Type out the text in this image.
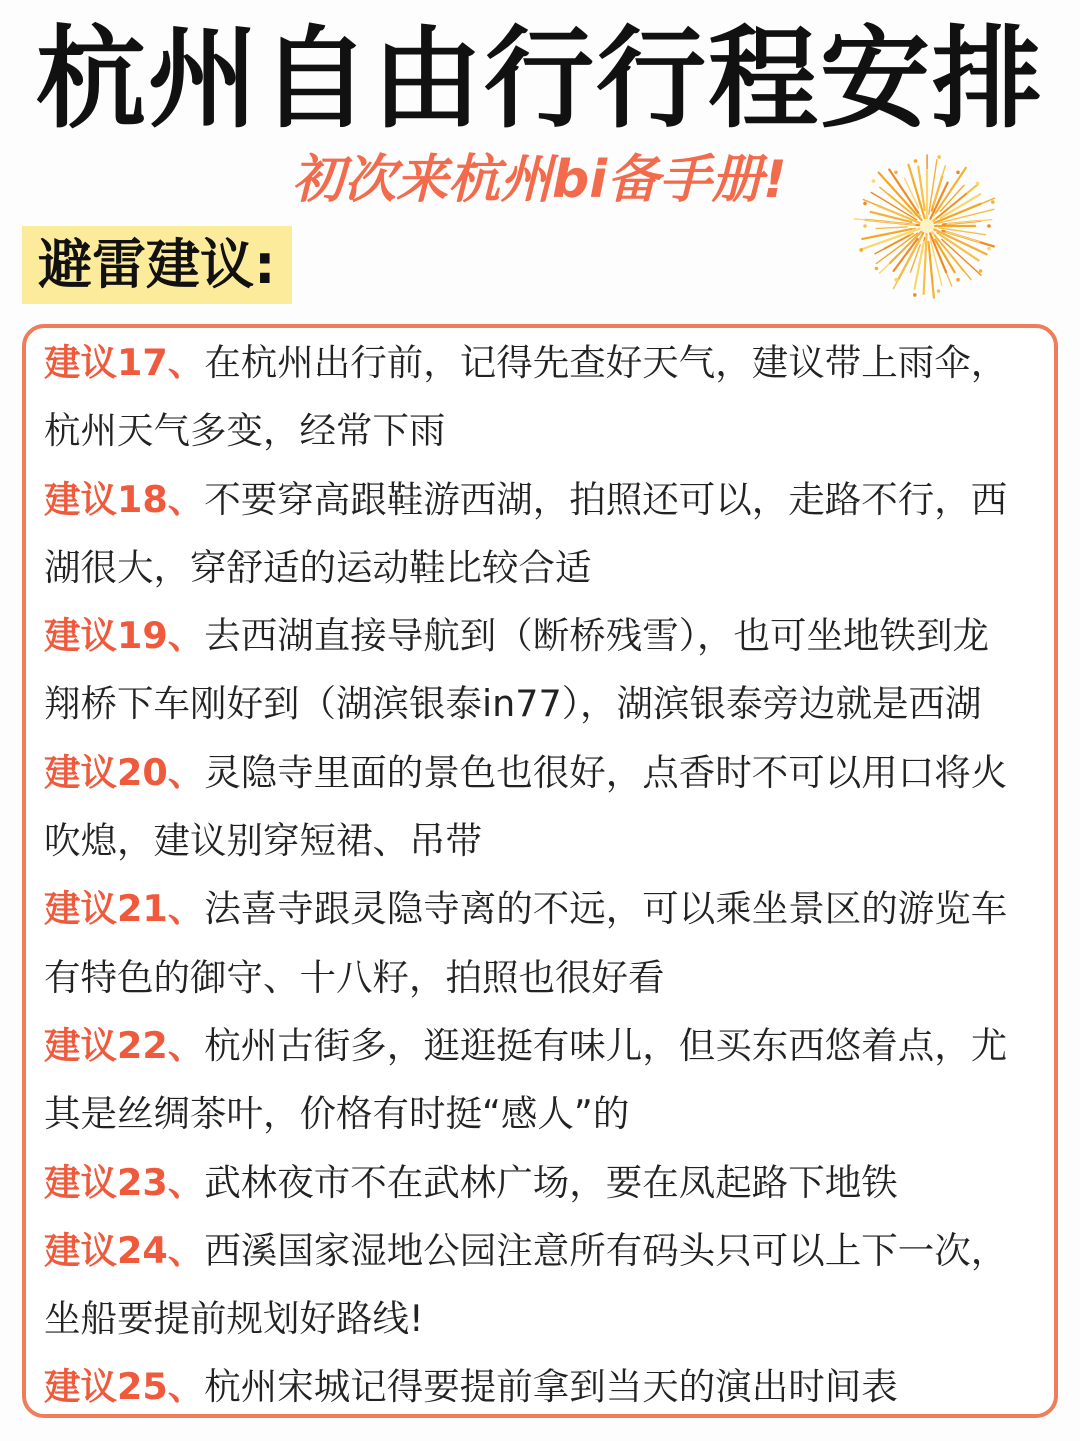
杭州自由行行程安排
初次来杭州bi备手册!
避雷建议:

建议17、在杭州出行前，记得先查好天气，建议带上雨伞，

杭州天气多变，经常下雨

建议18、不要穿高跟鞋游西湖，拍照还可以，走路不行，西

湖很大，穿舒适的运动鞋比较合适

建议19、去西湖直接导航到（断桥残雪），也可坐地铁到龙

翔桥下车刚好到（湖滨银泰in77），湖滨银泰旁边就是西湖

建议20、灵隐寺里面的景色也很好，点香时不可以用口将火

吹熄，建议别穿短裙、吊带

建议21、法喜寺跟灵隐寺离的不远，可以乘坐景区的游览车

有特色的御守、十八籽，拍照也很好看

建议22、杭州古街多，逛逛挺有味儿，但买东西悠着点，尤

其是丝绸茶叶，价格有时挺“感人”的

建议23、武林夜市不在武林广场，要在凤起路下地铁

建议24、西溪国家湿地公园注意所有码头只可以上下一次，

坐船要提前规划好路线!

建议25、杭州宋城记得要提前拿到当天的演出时间表
